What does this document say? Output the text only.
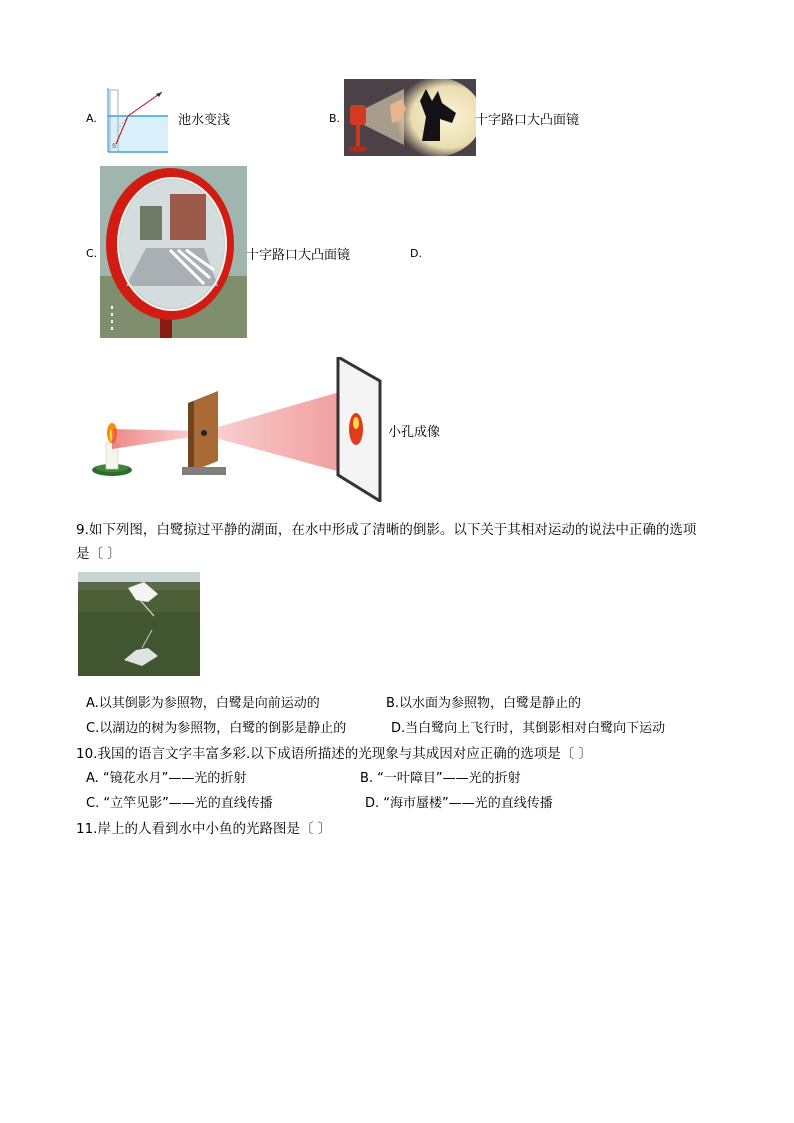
A.
S
池水变浅	B.	十字路口大凸面镜
C.	十字路口大凸面镜	D.
小孔成像
9.如下列图，白鹭掠过平静的湖面，在水中形成了清晰的倒影。以下关于其相对运动的说法中正确的选项
是〔 〕
A.以其倒影为参照物，白鹭是向前运动的	B.以水面为参照物，白鹭是静止的
C.以湖边的树为参照物，白鹭的倒影是静止的	D.当白鹭向上飞行时，其倒影相对白鹭向下运动
10.我国的语言文字丰富多彩.以下成语所描述的光现象与其成因对应正确的选项是〔 〕
A. “镜花水月”——光的折射	B. “一叶障目”——光的折射
C. “立竿见影”——光的直线传播	D. “海市蜃楼”——光的直线传播
11.岸上的人看到水中小鱼的光路图是〔 〕
